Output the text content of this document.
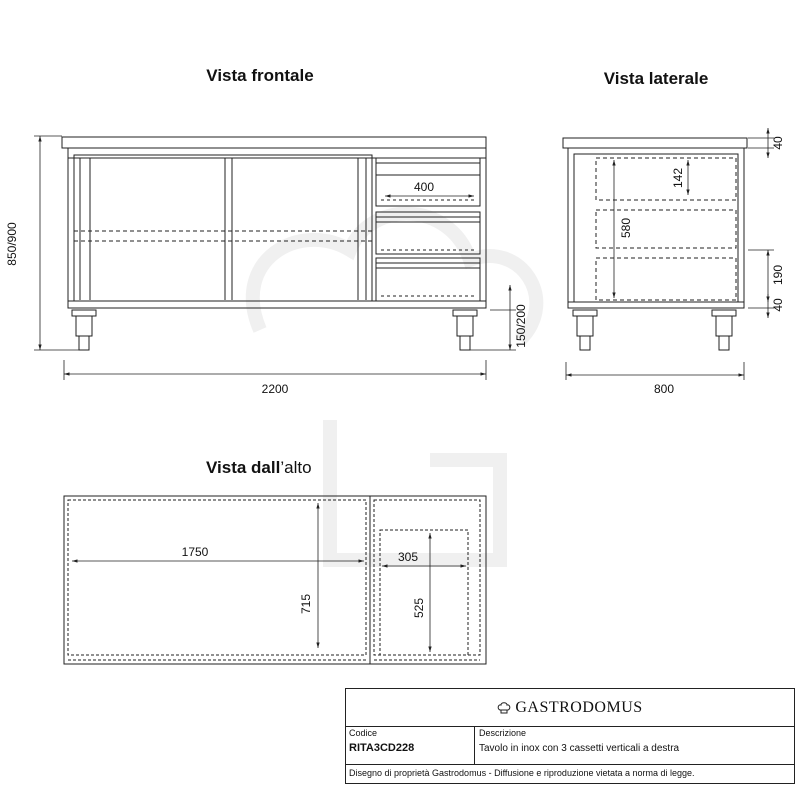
Vista frontale	Vista laterale
Vista dall’alto
400
850/900
150/200
2200
40
142
580
190
40
800
1750
715
305
525
GASTRODOMUS
Codice
RITA3CD228
Descrizione
Tavolo in inox con 3 cassetti verticali a destra
Disegno di proprietà Gastrodomus - Diffusione e riproduzione vietata a norma di legge.
